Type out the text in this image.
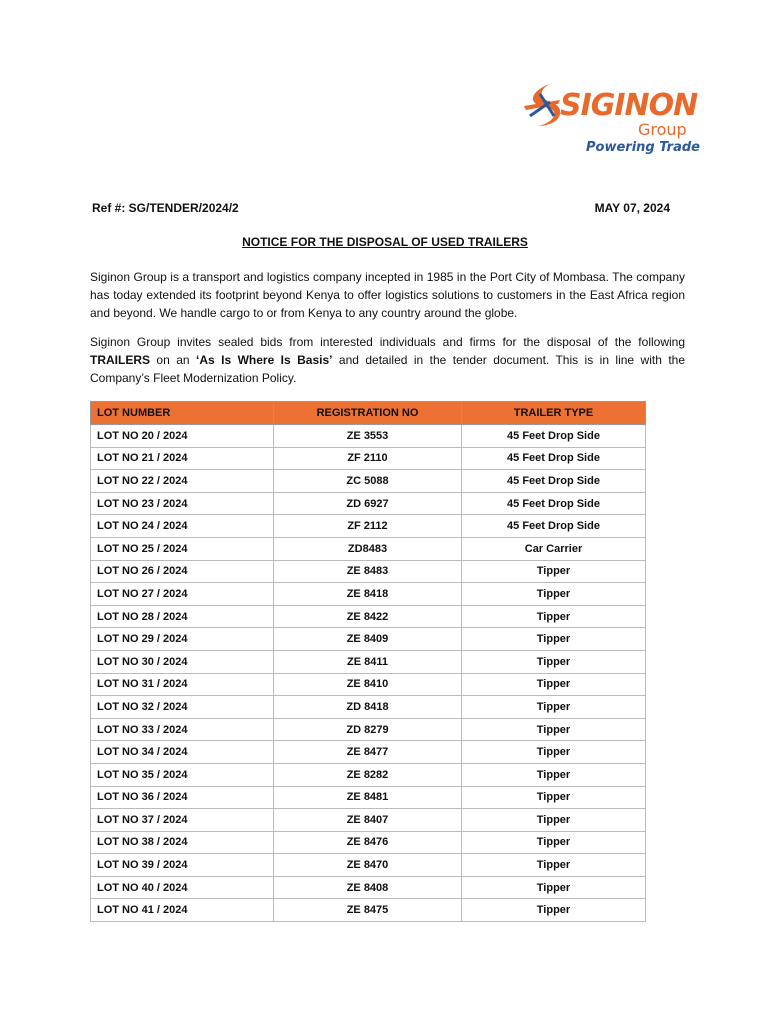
SIGINON
Group
Powering Trade
Ref #: SG/TENDER/2024/2	MAY 07, 2024
NOTICE FOR THE DISPOSAL OF USED TRAILERS
Siginon Group is a transport and logistics company incepted in 1985 in the Port City of Mombasa. The company has today extended its footprint beyond Kenya to offer logistics solutions to customers in the East Africa region and beyond. We handle cargo to or from Kenya to any country around the globe.
Siginon Group invites sealed bids from interested individuals and firms for the disposal of the following TRAILERS on an ‘As Is Where Is Basis’ and detailed in the tender document. This is in line with the Company’s Fleet Modernization Policy.
LOT NUMBER	REGISTRATION NO	TRAILER TYPE
LOT NO 20 / 2024	ZE 3553	45 Feet Drop Side
LOT NO 21 / 2024	ZF 2110	45 Feet Drop Side
LOT NO 22 / 2024	ZC 5088	45 Feet Drop Side
LOT NO 23 / 2024	ZD 6927	45 Feet Drop Side
LOT NO 24 / 2024	ZF 2112	45 Feet Drop Side
LOT NO 25 / 2024	ZD8483	Car Carrier
LOT NO 26 / 2024	ZE 8483	Tipper
LOT NO 27 / 2024	ZE 8418	Tipper
LOT NO 28 / 2024	ZE 8422	Tipper
LOT NO 29 / 2024	ZE 8409	Tipper
LOT NO 30 / 2024	ZE 8411	Tipper
LOT NO 31 / 2024	ZE 8410	Tipper
LOT NO 32 / 2024	ZD 8418	Tipper
LOT NO 33 / 2024	ZD 8279	Tipper
LOT NO 34 / 2024	ZE 8477	Tipper
LOT NO 35 / 2024	ZE 8282	Tipper
LOT NO 36 / 2024	ZE 8481	Tipper
LOT NO 37 / 2024	ZE 8407	Tipper
LOT NO 38 / 2024	ZE 8476	Tipper
LOT NO 39 / 2024	ZE 8470	Tipper
LOT NO 40 / 2024	ZE 8408	Tipper
LOT NO 41 / 2024	ZE 8475	Tipper
